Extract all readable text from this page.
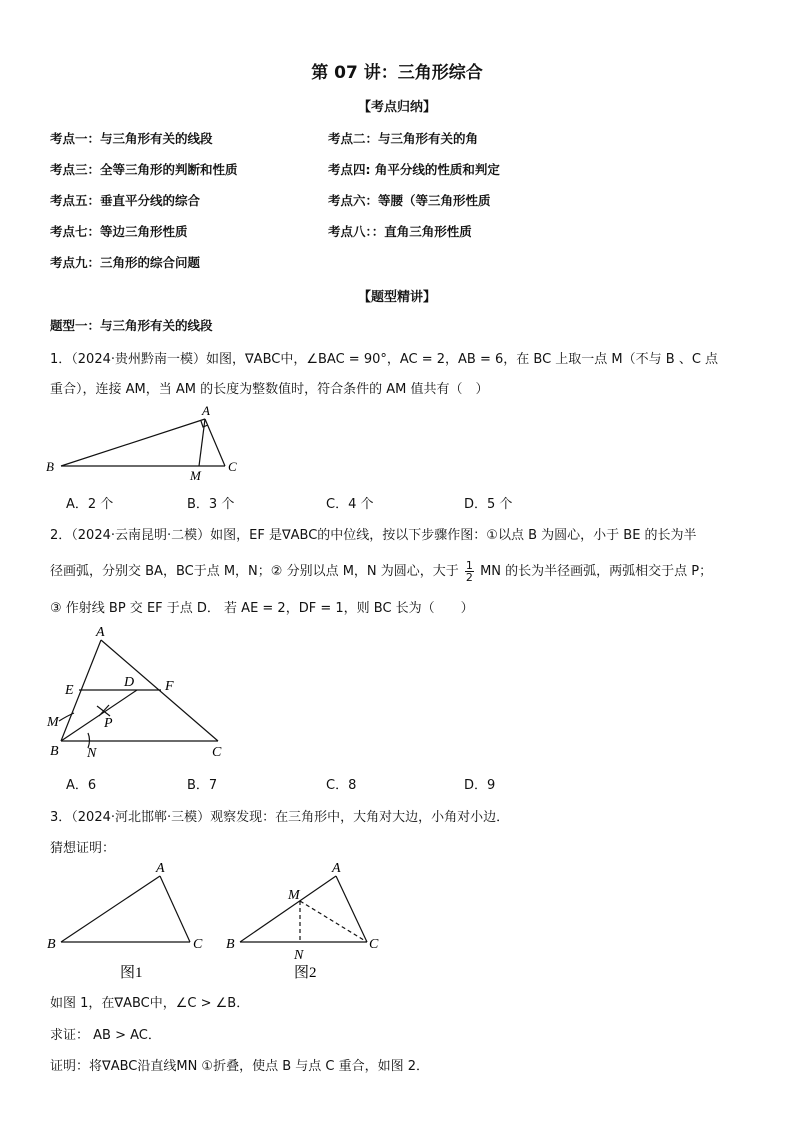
第 07 讲：三角形综合
【考点归纳】
考点一：与三角形有关的线段	考点二：与三角形有关的角
考点三：全等三角形的判断和性质	考点四: 角平分线的性质和判定
考点五：垂直平分线的综合	考点六：等腰（等三角形性质
考点七：等边三角形性质	考点八：：直角三角形性质
考点九：三角形的综合问题
【题型精讲】
题型一：与三角形有关的线段
1．（2024·贵州黔南一模）如图，∇ABC中，∠BAC = 90°，AC = 2，AB = 6，在 BC 上取一点 M（不与 B 、C 点
重合），连接 AM，当 AM 的长度为整数值时，符合条件的 AM 值共有（　）
A
B	C
M
A．2 个	B．3 个	C．4 个	D．5 个
2．（2024·云南昆明·二模）如图，EF 是∇ABC的中位线，按以下步骤作图：①以点 B 为圆心，小于 BE 的长为半
径画弧，分别交 BA，BC于点 M，N；② 分别以点 M，N 为圆心，大于 $\frac{1}{2}$ MN 的长为半径画弧，两弧相交于点 P；
③ 作射线 BP 交 EF 于点 D． 若 AE = 2，DF = 1，则 BC 长为（　　）
A
E
D F
M	P
B N	C
A．6	B．7	C．8	D．9
3．（2024·河北邯郸·三模）观察发现：在三角形中，大角对大边，小角对小边．
猜想证明：
A
B	C
图1
A
M
B	C
N
图2
如图 1，在∇ABC中，∠C > ∠B．
求证： AB > AC．
证明：将∇ABC沿直线MN ①折叠，使点 B 与点 C 重合，如图 2．
